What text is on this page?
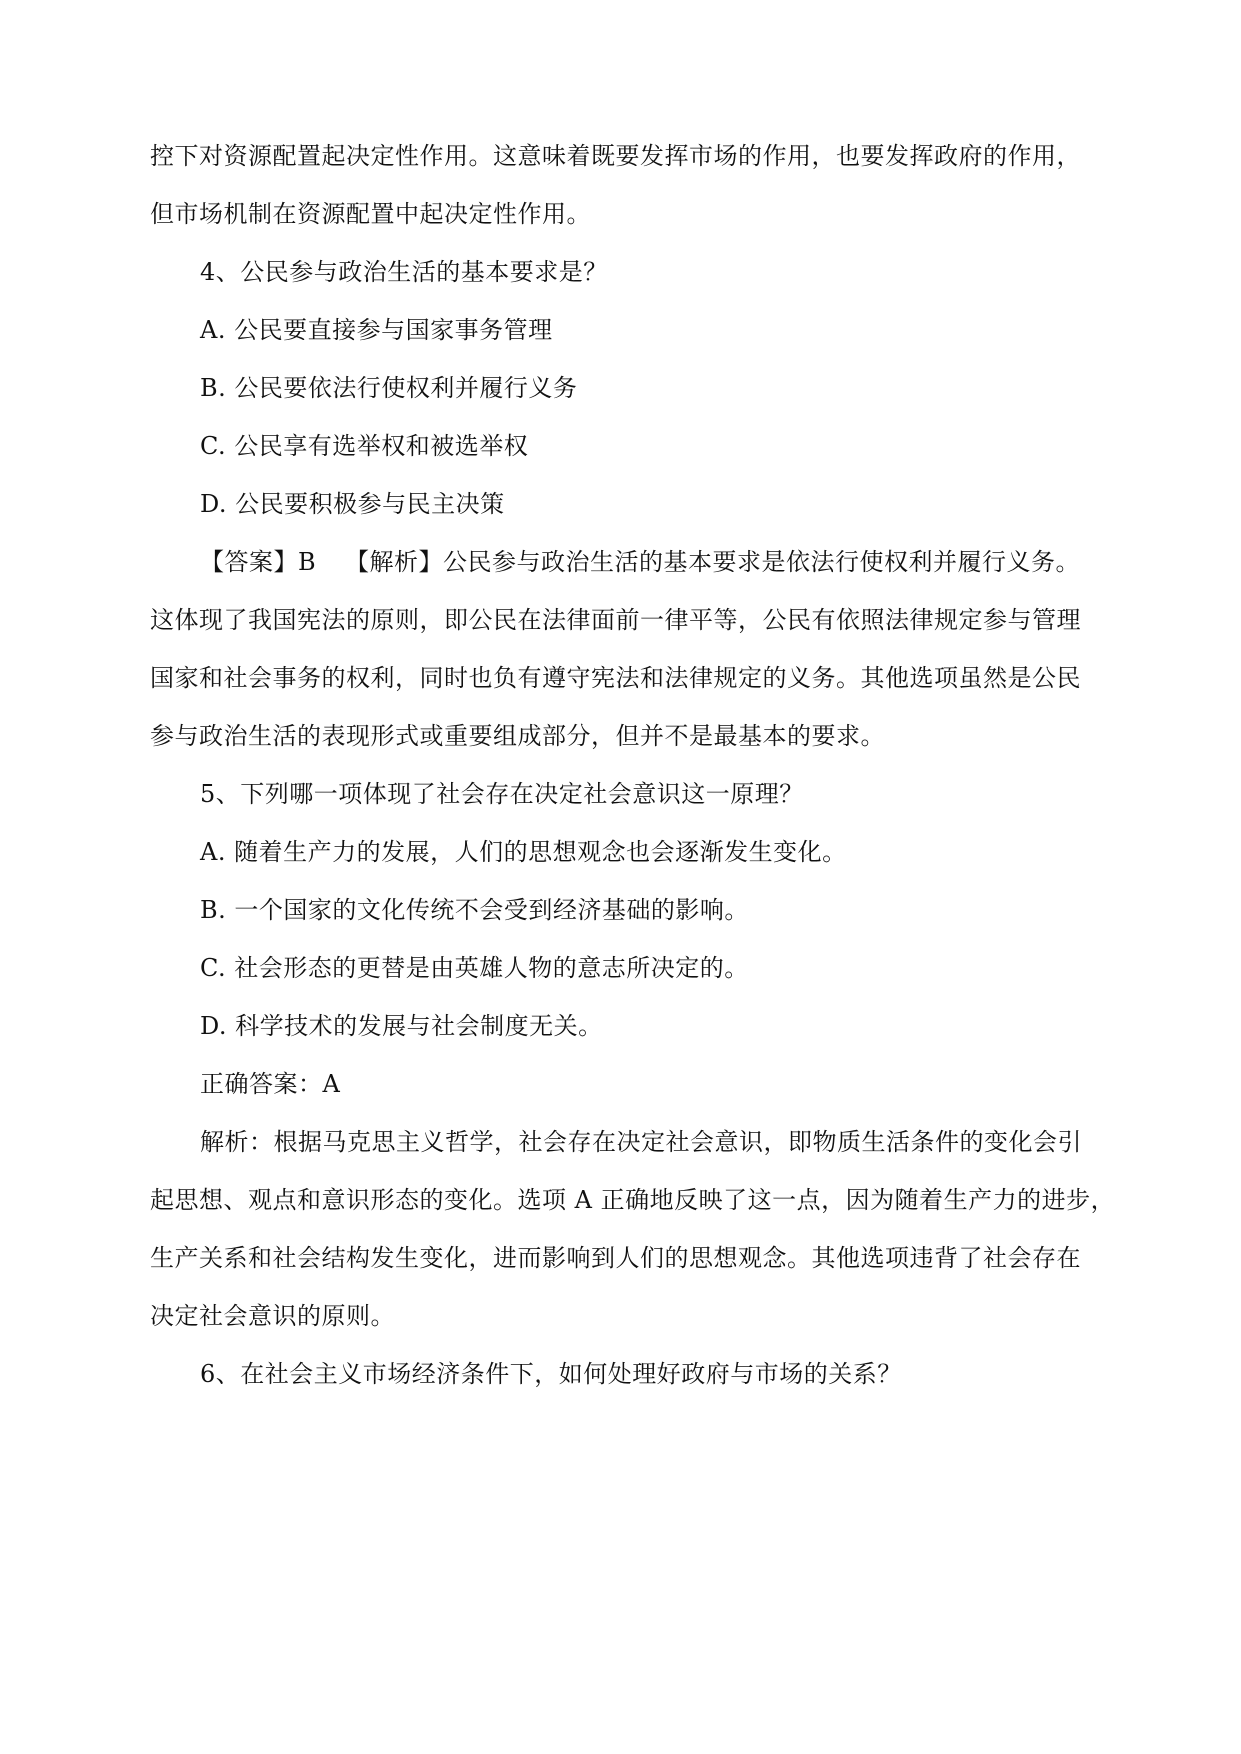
控下对资源配置起决定性作用。这意味着既要发挥市场的作用，也要发挥政府的作用，
但市场机制在资源配置中起决定性作用。
4、公民参与政治生活的基本要求是？
A. 公民要直接参与国家事务管理
B. 公民要依法行使权利并履行义务
C. 公民享有选举权和被选举权
D. 公民要积极参与民主决策
【答案】B 【解析】公民参与政治生活的基本要求是依法行使权利并履行义务。
这体现了我国宪法的原则，即公民在法律面前一律平等，公民有依照法律规定参与管理
国家和社会事务的权利，同时也负有遵守宪法和法律规定的义务。其他选项虽然是公民
参与政治生活的表现形式或重要组成部分，但并不是最基本的要求。
5、下列哪一项体现了社会存在决定社会意识这一原理？
A. 随着生产力的发展，人们的思想观念也会逐渐发生变化。
B. 一个国家的文化传统不会受到经济基础的影响。
C. 社会形态的更替是由英雄人物的意志所决定的。
D. 科学技术的发展与社会制度无关。
正确答案：A
解析：根据马克思主义哲学，社会存在决定社会意识，即物质生活条件的变化会引
起思想、观点和意识形态的变化。选项 A 正确地反映了这一点，因为随着生产力的进步，
生产关系和社会结构发生变化，进而影响到人们的思想观念。其他选项违背了社会存在
决定社会意识的原则。
6、在社会主义市场经济条件下，如何处理好政府与市场的关系？
